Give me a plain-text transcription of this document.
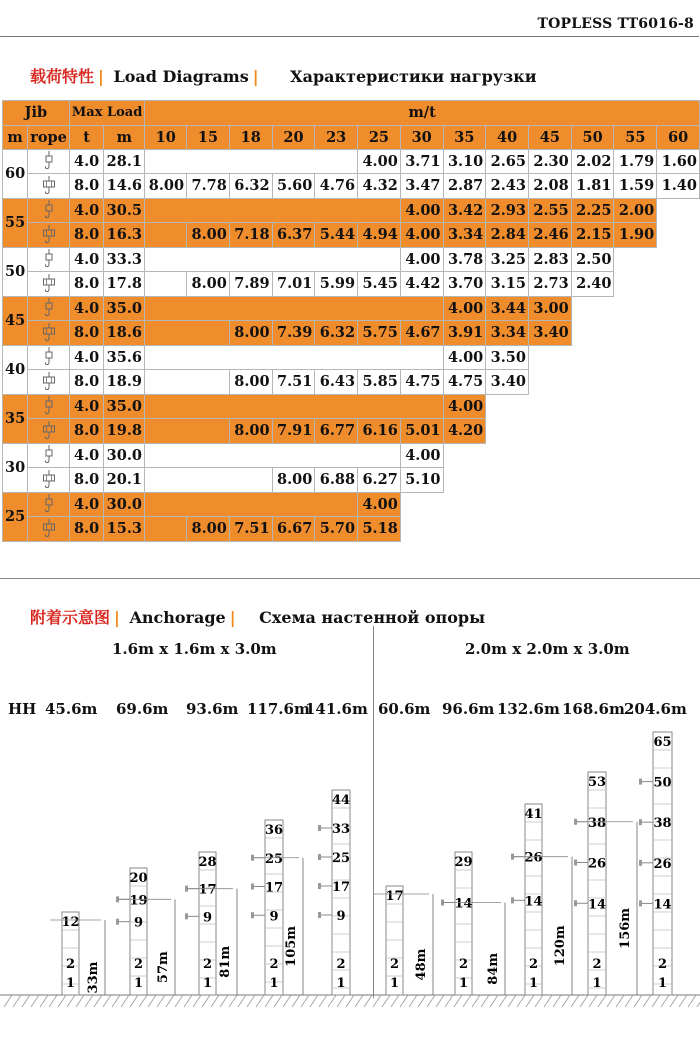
TOPLESS TT6016-8
载荷特性 | Load Diagrams | Характеристики нагрузки
Jib		Max Load		m/t												
m	rope	t	m	10	15	18	20	23	25	30	35	40	45	50	55	60
60		4.0	28.1						4.00	3.71	3.10	2.65	2.30	2.02	1.79	1.60
	8.0	14.6	8.00	7.78	6.32	5.60	4.76	4.32	3.47	2.87	2.43	2.08	1.81	1.59	1.40
55		4.0	30.5							4.00	3.42	2.93	2.55	2.25	2.00	
	8.0	16.3		8.00	7.18	6.37	5.44	4.94	4.00	3.34	2.84	2.46	2.15	1.90	
50		4.0	33.3							4.00	3.78	3.25	2.83	2.50		
	8.0	17.8		8.00	7.89	7.01	5.99	5.45	4.42	3.70	3.15	2.73	2.40		
45		4.0	35.0								4.00	3.44	3.00			
	8.0	18.6			8.00	7.39	6.32	5.75	4.67	3.91	3.34	3.40			
40		4.0	35.6								4.00	3.50				
	8.0	18.9			8.00	7.51	6.43	5.85	4.75	4.75	3.40				
35		4.0	35.0								4.00					
	8.0	19.8			8.00	7.91	6.77	6.16	5.01	4.20					
30		4.0	30.0							4.00						
	8.0	20.1				8.00	6.88	6.27	5.10						
25		4.0	30.0						4.00							
	8.0	15.3		8.00	7.51	6.67	5.70	5.18							
附着示意图 | Anchorage | Схема настенной опоры
1.6m x 1.6m x 3.0m	2.0m x 2.0m x 3.0m
HH 45.6m 69.6m 93.6m 117.6m
141.6m 60.6m 96.6m 132.6m 168.6m 204.6m
12
2
1 33m
20
19
9
2
1
57m
28
17
9
2
1
81m
36
25
17
9
2
1
105m
44
33
25
17
9
2
1
17
2
1
48m
29
14
2
1 84m
41
26
14
2
1
120m
53
38
26
14
2
1
156m
65
50
38
26
14
2
1
